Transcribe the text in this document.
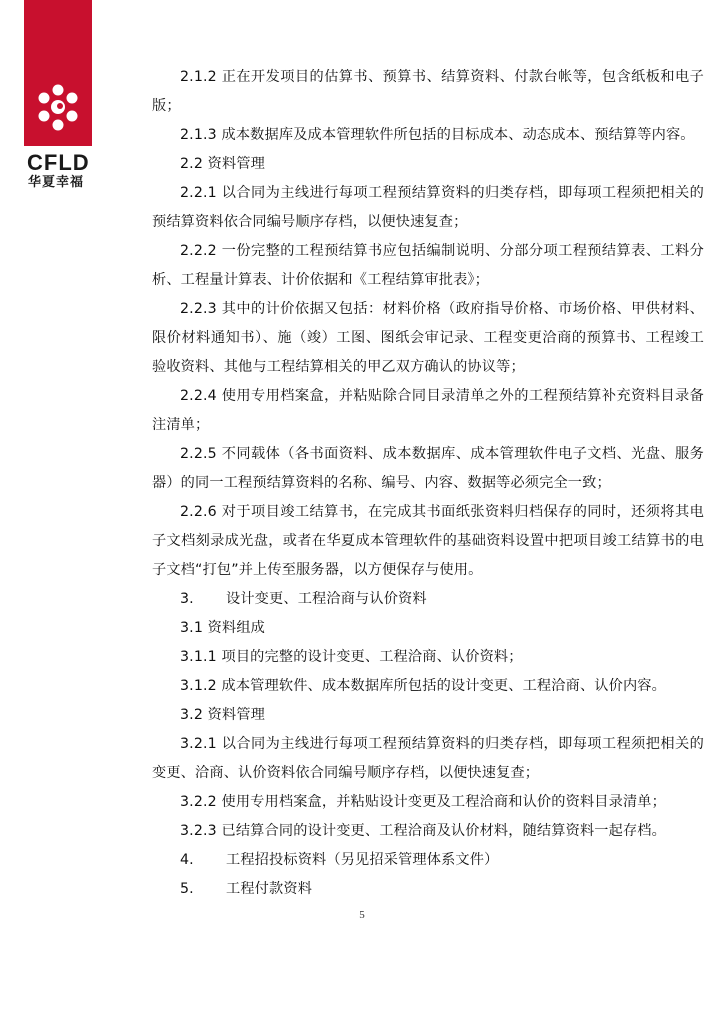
CFLD
华夏幸福

2.1.2 正在开发项目的估算书、预算书、结算资料、付款台帐等，包含纸板和电子版；

2.1.3 成本数据库及成本管理软件所包括的目标成本、动态成本、预结算等内容。

2.2 资料管理

2.2.1 以合同为主线进行每项工程预结算资料的归类存档，即每项工程须把相关的预结算资料依合同编号顺序存档，以便快速复查；

2.2.2 一份完整的工程预结算书应包括编制说明、分部分项工程预结算表、工料分析、工程量计算表、计价依据和《工程结算审批表》；

2.2.3 其中的计价依据又包括：材料价格（政府指导价格、市场价格、甲供材料、限价材料通知书）、施（竣）工图、图纸会审记录、工程变更洽商的预算书、工程竣工验收资料、其他与工程结算相关的甲乙双方确认的协议等；

2.2.4 使用专用档案盒，并粘贴除合同目录清单之外的工程预结算补充资料目录备注清单；

2.2.5 不同载体（各书面资料、成本数据库、成本管理软件电子文档、光盘、服务器）的同一工程预结算资料的名称、编号、内容、数据等必须完全一致；

2.2.6 对于项目竣工结算书，在完成其书面纸张资料归档保存的同时，还须将其电子文档刻录成光盘，或者在华夏成本管理软件的基础资料设置中把项目竣工结算书的电子文档“打包”并上传至服务器，以方便保存与使用。

3. 设计变更、工程洽商与认价资料

3.1 资料组成

3.1.1 项目的完整的设计变更、工程洽商、认价资料；

3.1.2 成本管理软件、成本数据库所包括的设计变更、工程洽商、认价内容。

3.2 资料管理

3.2.1 以合同为主线进行每项工程预结算资料的归类存档，即每项工程须把相关的变更、洽商、认价资料依合同编号顺序存档，以便快速复查；

3.2.2 使用专用档案盒，并粘贴设计变更及工程洽商和认价的资料目录清单；

3.2.3 已结算合同的设计变更、工程洽商及认价材料，随结算资料一起存档。

4. 工程招投标资料（另见招采管理体系文件）

5. 工程付款资料

5
